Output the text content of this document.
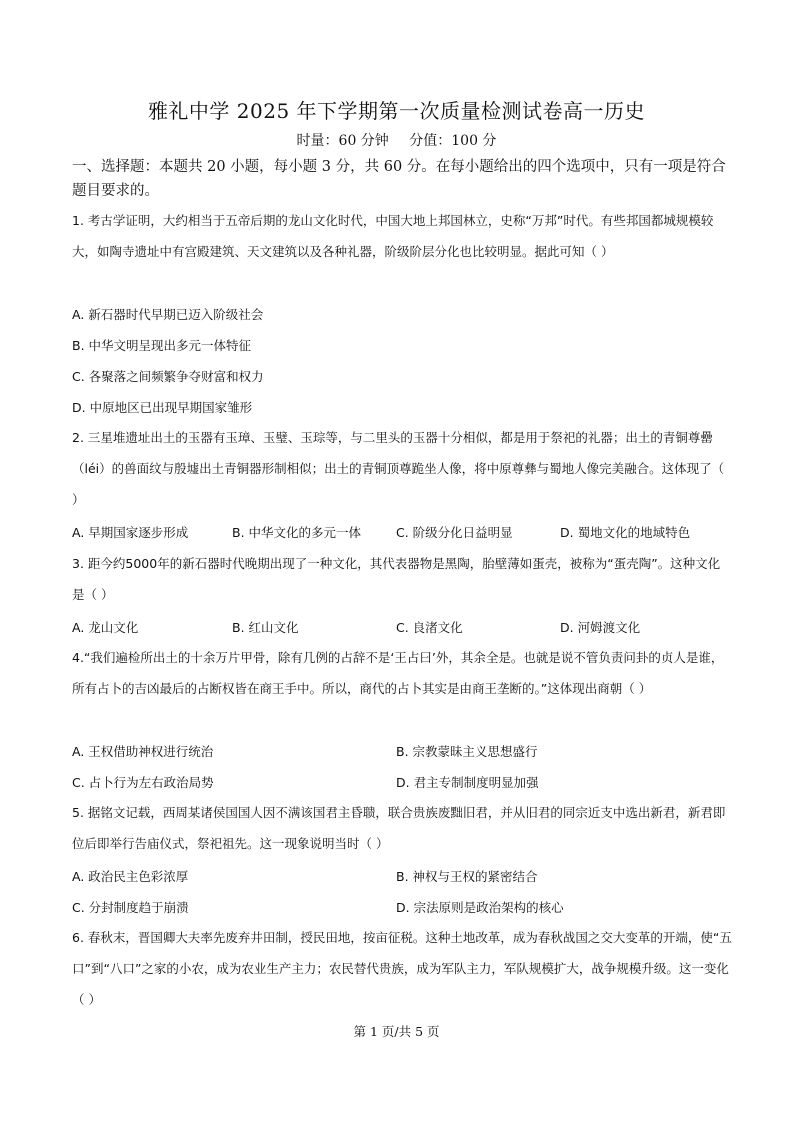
雅礼中学 2025 年下学期第一次质量检测试卷高一历史
时量：60 分钟 分值：100 分
一、选择题：本题共 20 小题，每小题 3 分，共 60 分。在每小题给出的四个选项中，只有一项是符合题目要求的。
1. 考古学证明，大约相当于五帝后期的龙山文化时代，中国大地上邦国林立，史称“万邦”时代。有些邦国都城规模较大，如陶寺遗址中有宫殿建筑、天文建筑以及各种礼器，阶级阶层分化也比较明显。据此可知（ ）
A. 新石器时代早期已迈入阶级社会
B. 中华文明呈现出多元一体特征
C. 各聚落之间频繁争夺财富和权力
D. 中原地区已出现早期国家雏形
2. 三星堆遗址出土的玉器有玉璋、玉璧、玉琮等，与二里头的玉器十分相似，都是用于祭祀的礼器；出土的青铜尊罍（léi）的兽面纹与殷墟出土青铜器形制相似；出土的青铜顶尊跪坐人像，将中原尊彝与蜀地人像完美融合。这体现了（ ）
A. 早期国家逐步形成	B. 中华文化的多元一体	C. 阶级分化日益明显	D. 蜀地文化的地域特色
3. 距今约5000年的新石器时代晚期出现了一种文化，其代表器物是黑陶，胎壁薄如蛋壳，被称为“蛋壳陶”。这种文化是（ ）
A. 龙山文化	B. 红山文化	C. 良渚文化	D. 河姆渡文化
4.“我们遍检所出土的十余万片甲骨，除有几例的占辞不是‘王占曰’外，其余全是。也就是说不管负责问卦的贞人是谁，所有占卜的吉凶最后的占断权皆在商王手中。所以，商代的占卜其实是由商王垄断的。”这体现出商朝（ ）
A. 王权借助神权进行统治	B. 宗教蒙昧主义思想盛行
C. 占卜行为左右政治局势	D. 君主专制制度明显加强
5. 据铭文记载，西周某诸侯国国人因不满该国君主昏聩，联合贵族废黜旧君，并从旧君的同宗近支中选出新君，新君即位后即举行告庙仪式，祭祀祖先。这一现象说明当时（ ）
A. 政治民主色彩浓厚	B. 神权与王权的紧密结合
C. 分封制度趋于崩溃	D. 宗法原则是政治架构的核心
6. 春秋末，晋国卿大夫率先废弃井田制，授民田地，按亩征税。这种土地改革，成为春秋战国之交大变革的开端，使“五口”到“八口”之家的小农，成为农业生产主力；农民替代贵族，成为军队主力，军队规模扩大，战争规模升级。这一变化（ ）
第 1 页/共 5 页
